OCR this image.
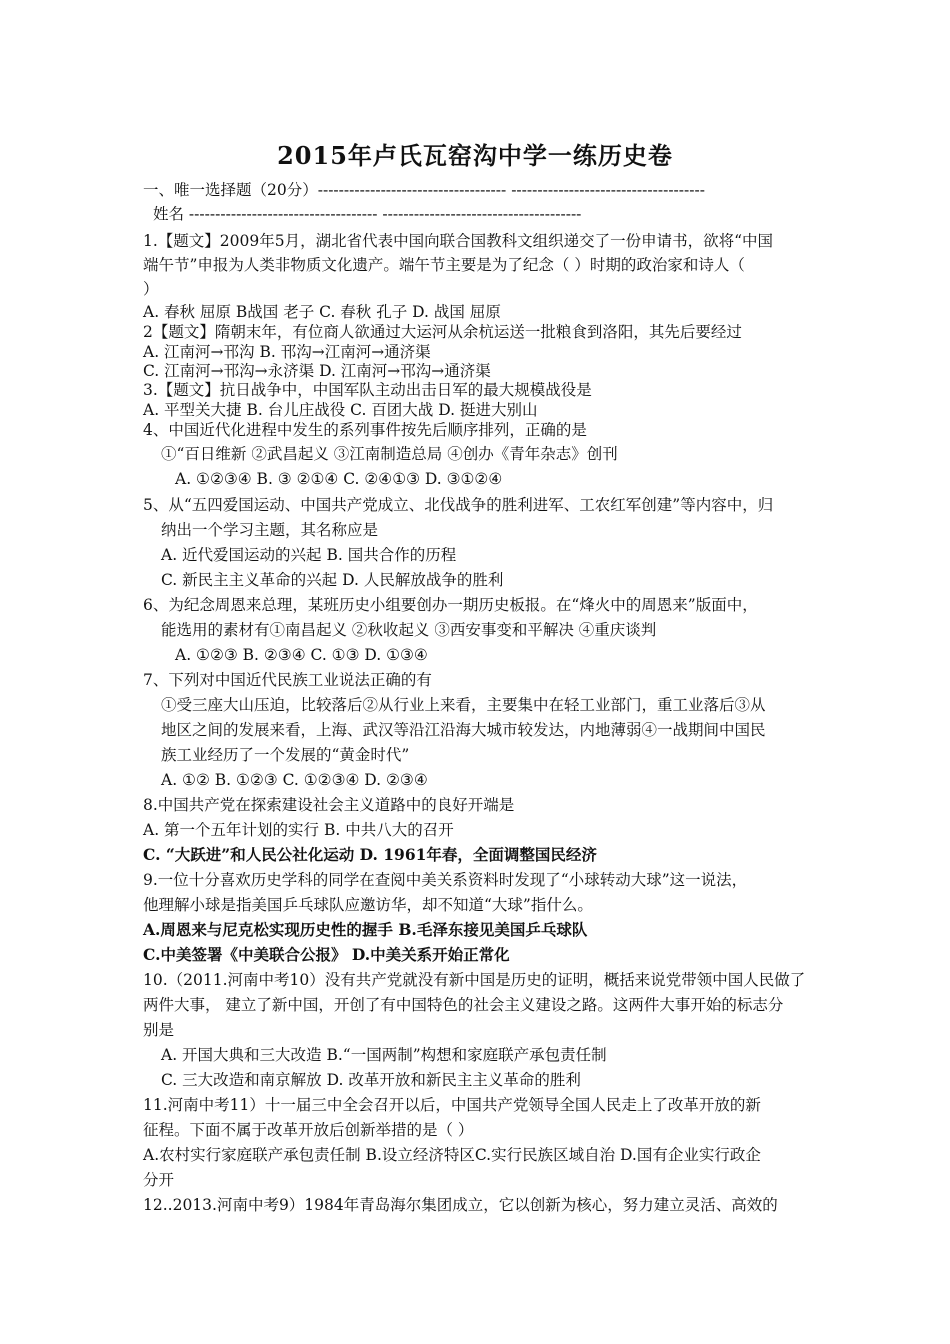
2015年卢氏瓦窑沟中学一练历史卷
一、唯一选择题（20分）------------------------------------ -------------------------------------
姓名 ------------------------------------ --------------------------------------
1.【题文】2009年5月，湖北省代表中国向联合国教科文组织递交了一份申请书，欲将“中国
端午节”申报为人类非物质文化遗产。端午节主要是为了纪念（ ）时期的政治家和诗人（
）
A. 春秋 屈原 B战国 老子 C. 春秋 孔子 D. 战国 屈原
2【题文】隋朝末年，有位商人欲通过大运河从余杭运送一批粮食到洛阳，其先后要经过
A. 江南河→邗沟 B. 邗沟→江南河→通济渠
C. 江南河→邗沟→永济渠 D. 江南河→邗沟→通济渠
3.【题文】抗日战争中，中国军队主动出击日军的最大规模战役是
A. 平型关大捷 B. 台儿庄战役 C. 百团大战 D. 挺进大别山
4、中国近代化进程中发生的系列事件按先后顺序排列，正确的是
①“百日维新 ②武昌起义 ③江南制造总局 ④创办《青年杂志》创刊
A. ①②③④ B. ③ ②①④ C. ②④①③ D. ③①②④
5、从“五四爱国运动、中国共产党成立、北伐战争的胜利进军、工农红军创建”等内容中，归
纳出一个学习主题，其名称应是
A. 近代爱国运动的兴起 B. 国共合作的历程
C. 新民主主义革命的兴起 D. 人民解放战争的胜利
6、为纪念周恩来总理，某班历史小组要创办一期历史板报。在“烽火中的周恩来”版面中，
能选用的素材有①南昌起义 ②秋收起义 ③西安事变和平解决 ④重庆谈判
A. ①②③ B. ②③④ C. ①③ D. ①③④
7、下列对中国近代民族工业说法正确的有
①受三座大山压迫，比较落后②从行业上来看，主要集中在轻工业部门，重工业落后③从
地区之间的发展来看，上海、武汉等沿江沿海大城市较发达，内地薄弱④一战期间中国民
族工业经历了一个发展的“黄金时代”
A. ①② B. ①②③ C. ①②③④ D. ②③④
8.中国共产党在探索建设社会主义道路中的良好开端是
A. 第一个五年计划的实行 B. 中共八大的召开
C. “大跃进”和人民公社化运动 D. 1961年春，全面调整国民经济
9.一位十分喜欢历史学科的同学在查阅中美关系资料时发现了“小球转动大球”这一说法，
他理解小球是指美国乒乓球队应邀访华，却不知道“大球”指什么。
A.周恩来与尼克松实现历史性的握手 B.毛泽东接见美国乒乓球队
C.中美签署《中美联合公报》 D.中美关系开始正常化
10.（2011.河南中考10）没有共产党就没有新中国是历史的证明，概括来说党带领中国人民做了
两件大事， 建立了新中国，开创了有中国特色的社会主义建设之路。这两件大事开始的标志分
别是
A. 开国大典和三大改造 B.“一国两制”构想和家庭联产承包责任制
C. 三大改造和南京解放 D. 改革开放和新民主主义革命的胜利
11.河南中考11）十一届三中全会召开以后，中国共产党领导全国人民走上了改革开放的新
征程。下面不属于改革开放后创新举措的是（ ）
A.农村实行家庭联产承包责任制 B.设立经济特区C.实行民族区域自治 D.国有企业实行政企
分开
12..2013.河南中考9）1984年青岛海尔集团成立，它以创新为核心，努力建立灵活、高效的
